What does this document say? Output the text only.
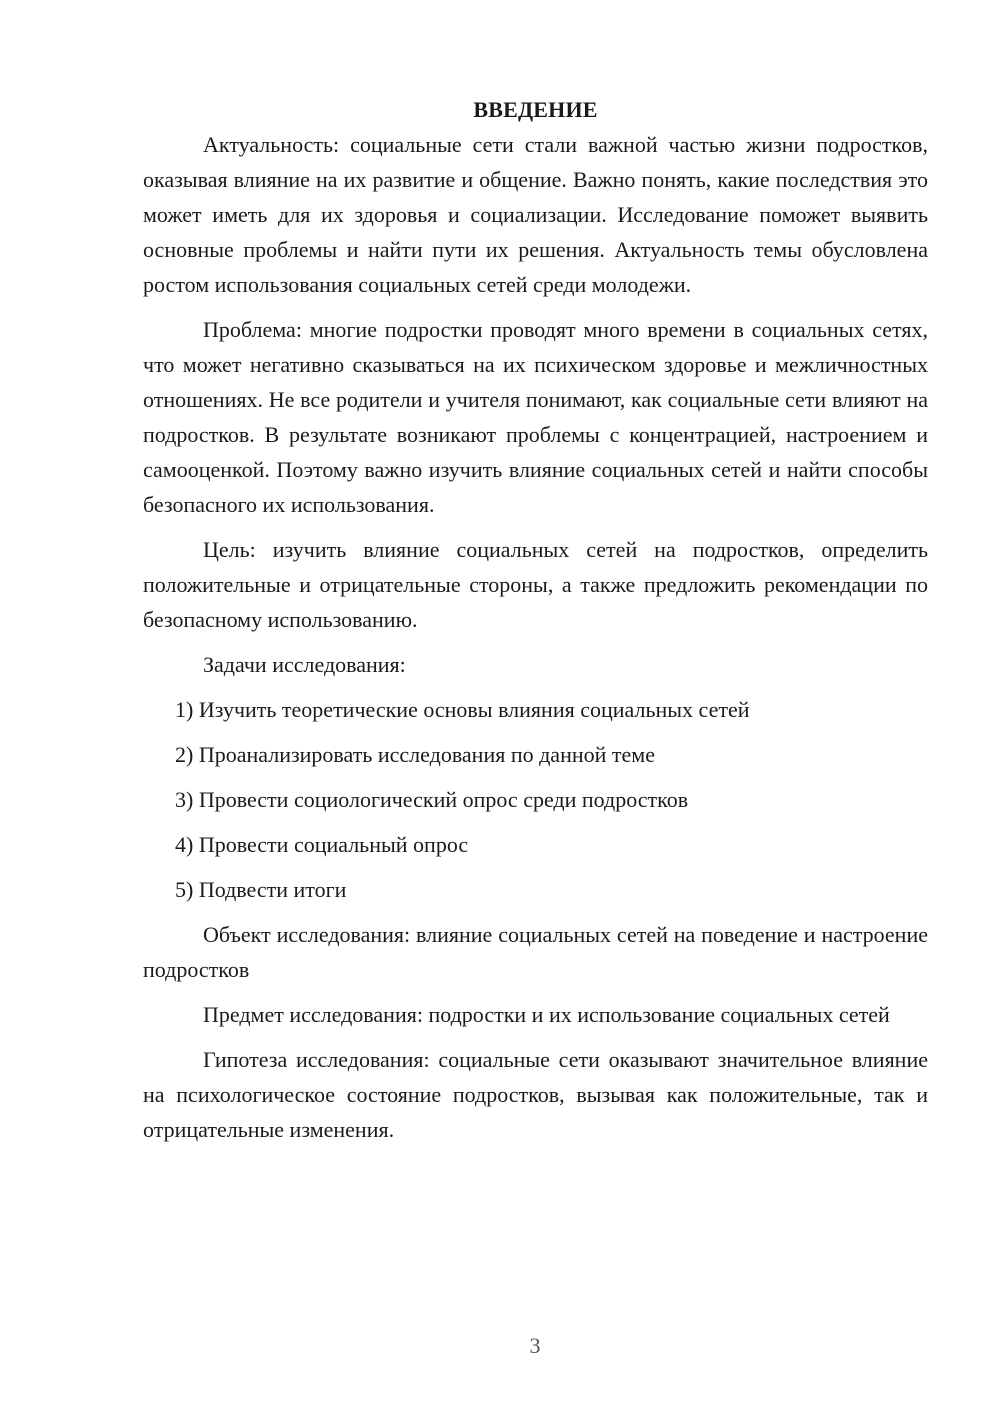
ВВЕДЕНИЕ

Актуальность: социальные сети стали важной частью жизни подростков, оказывая влияние на их развитие и общение. Важно понять, какие последствия это может иметь для их здоровья и социализации. Исследование поможет выявить основные проблемы и найти пути их решения. Актуальность темы обусловлена ростом использования социальных сетей среди молодежи.

Проблема: многие подростки проводят много времени в социальных сетях, что может негативно сказываться на их психическом здоровье и межличностных отношениях. Не все родители и учителя понимают, как социальные сети влияют на подростков. В результате возникают проблемы с концентрацией, настроением и самооценкой. Поэтому важно изучить влияние социальных сетей и найти способы безопасного их использования.

Цель: изучить влияние социальных сетей на подростков, определить положительные и отрицательные стороны, а также предложить рекомендации по безопасному использованию.

Задачи исследования:
1) Изучить теоретические основы влияния социальных сетей
2) Проанализировать исследования по данной теме
3) Провести социологический опрос среди подростков
4) Провести социальный опрос
5) Подвести итоги

Объект исследования: влияние социальных сетей на поведение и настроение подростков

Предмет исследования: подростки и их использование социальных сетей

Гипотеза исследования: социальные сети оказывают значительное влияние на психологическое состояние подростков, вызывая как положительные, так и отрицательные изменения.

3
